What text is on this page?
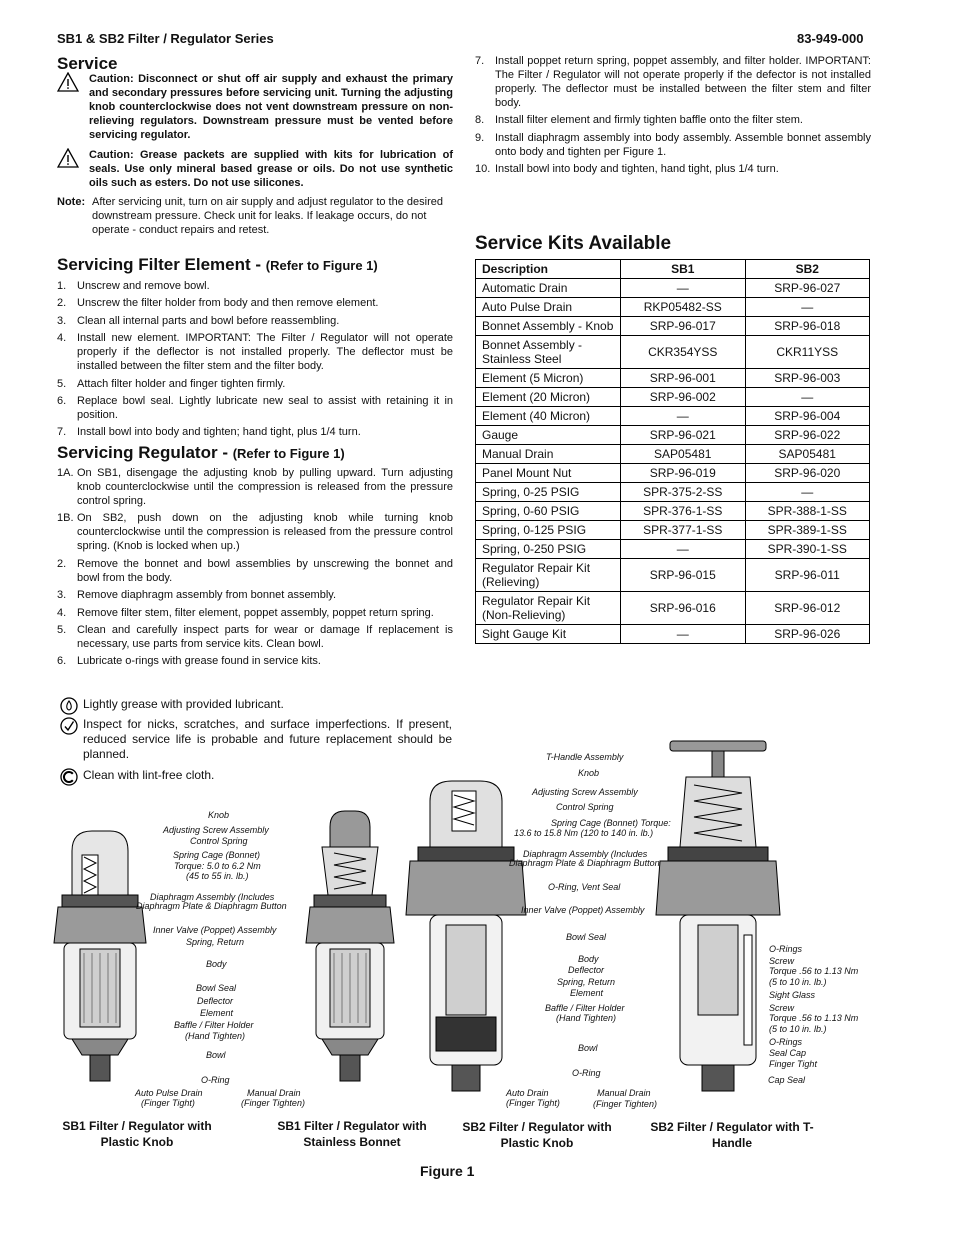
SB1 & SB2 Filter / Regulator Series	83-949-000
Service
Caution: Disconnect or shut off air supply and exhaust the primary and secondary pressures before servicing unit. Turning the adjusting knob counterclockwise does not vent downstream pressure on non-relieving regulators. Downstream pressure must be vented before servicing regulator.
Caution: Grease packets are supplied with kits for lubrication of seals. Use only mineral based grease or oils. Do not use synthetic oils such as esters. Do not use silicones.
Note: After servicing unit, turn on air supply and adjust regulator to the desired downstream pressure. Check unit for leaks. If leakage occurs, do not operate - conduct repairs and retest.
Servicing Filter Element - (Refer to Figure 1)
1. Unscrew and remove bowl.
2. Unscrew the filter holder from body and then remove element.
3. Clean all internal parts and bowl before reassembling.
4. Install new element. IMPORTANT: The Filter / Regulator will not operate properly if the deflector is not installed properly. The deflector must be installed between the filter stem and the filter body.
5. Attach filter holder and finger tighten firmly.
6. Replace bowl seal. Lightly lubricate new seal to assist with retaining it in position.
7. Install bowl into body and tighten; hand tight, plus 1/4 turn.
Servicing Regulator - (Refer to Figure 1)
1A. On SB1, disengage the adjusting knob by pulling upward. Turn adjusting knob counterclockwise until the compression is released from the pressure control spring.
1B. On SB2, push down on the adjusting knob while turning knob counterclockwise until the compression is released from the pressure control spring. (Knob is locked when up.)
2. Remove the bonnet and bowl assemblies by unscrewing the bonnet and bowl from the body.
3. Remove diaphragm assembly from bonnet assembly.
4. Remove filter stem, filter element, poppet assembly, poppet return spring.
5. Clean and carefully inspect parts for wear or damage If replacement is necessary, use parts from service kits. Clean bowl.
6. Lubricate o-rings with grease found in service kits.
7. Install poppet return spring, poppet assembly, and filter holder. IMPORTANT: The Filter / Regulator will not operate properly if the defector is not installed properly. The deflector must be installed between the filter stem and filter body.
8. Install filter element and firmly tighten baffle onto the filter stem.
9. Install diaphragm assembly into body assembly. Assemble bonnet assembly onto body and tighten per Figure 1.
10. Install bowl into body and tighten, hand tight, plus 1/4 turn.
Service Kits Available
Description	SB1	SB2
Automatic Drain	—	SRP-96-027
Auto Pulse Drain	RKP05482-SS	—
Bonnet Assembly - Knob	SRP-96-017	SRP-96-018
Bonnet Assembly - Stainless Steel	CKR354YSS	CKR11YSS
Element (5 Micron)	SRP-96-001	SRP-96-003
Element (20 Micron)	SRP-96-002	—
Element (40 Micron)	—	SRP-96-004
Gauge	SRP-96-021	SRP-96-022
Manual Drain	SAP05481	SAP05481
Panel Mount Nut	SRP-96-019	SRP-96-020
Spring, 0-25 PSIG	SPR-375-2-SS	—
Spring, 0-60 PSIG	SPR-376-1-SS	SPR-388-1-SS
Spring, 0-125 PSIG	SPR-377-1-SS	SPR-389-1-SS
Spring, 0-250 PSIG	—	SPR-390-1-SS
Regulator Repair Kit (Relieving)	SRP-96-015	SRP-96-011
Regulator Repair Kit (Non-Relieving)	SRP-96-016	SRP-96-012
Sight Gauge Kit	—	SRP-96-026
Lightly grease with provided lubricant.
Inspect for nicks, scratches, and surface imperfections. If present, reduced service life is probable and future replacement should be planned.
Clean with lint-free cloth.
Knob
Adjusting Screw Assembly
Control Spring
Spring Cage (Bonnet)
Torque: 5.0 to 6.2 Nm
(45 to 55 in. lb.)
Diaphragm Assembly (Includes
Diaphragm Plate & Diaphragm Button
Inner Valve (Poppet) Assembly
Spring, Return
Body
Bowl Seal
Deflector
Element
Baffle / Filter Holder
(Hand Tighten)
Bowl
O-Ring
Auto Pulse Drain
(Finger Tight)
Manual Drain
(Finger Tighten)
T-Handle Assembly
Knob
Adjusting Screw Assembly
Control Spring
Spring Cage (Bonnet) Torque:
13.6 to 15.8 Nm (120 to 140 in. lb.)
Diaphragm Assembly (Includes
Diaphragm Plate & Diaphragm Button
O-Ring, Vent Seal
Inner Valve (Poppet) Assembly
Bowl Seal
Body
Deflector
Spring, Return
Element
Baffle / Filter Holder
(Hand Tighten)
Bowl
O-Ring
Auto Drain
(Finger Tight)
Manual Drain
(Finger Tighten)
O-Rings
Screw
Torque .56 to 1.13 Nm
(5 to 10 in. lb.)
Sight Glass
Screw
Torque .56 to 1.13 Nm
(5 to 10 in. lb.)
O-Rings
Seal Cap
Finger Tight
Cap Seal
SB1 Filter / Regulator with Plastic Knob
SB1 Filter / Regulator with Stainless Bonnet
SB2 Filter / Regulator with Plastic Knob
SB2 Filter / Regulator with T-Handle
Figure 1
